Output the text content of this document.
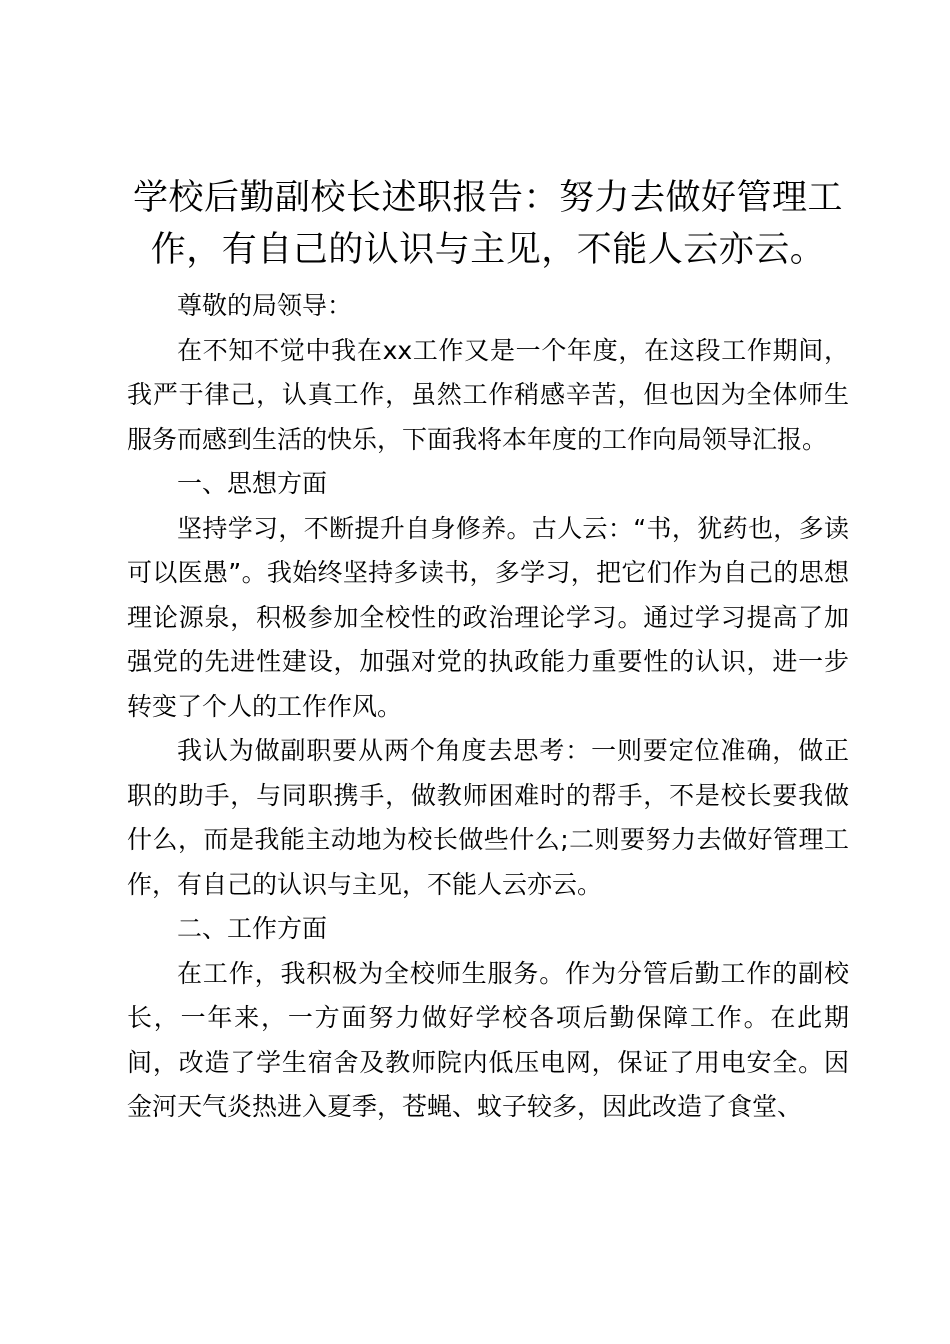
学校后勤副校长述职报告：努力去做好管理工作，有自己的认识与主见，不能人云亦云。

尊敬的局领导：

在不知不觉中我在xx工作又是一个年度，在这段工作期间，我严于律己，认真工作，虽然工作稍感辛苦，但也因为全体师生服务而感到生活的快乐，下面我将本年度的工作向局领导汇报。

一、思想方面

坚持学习，不断提升自身修养。古人云：“书，犹药也，多读可以医愚”。我始终坚持多读书，多学习，把它们作为自己的思想理论源泉，积极参加全校性的政治理论学习。通过学习提高了加强党的先进性建设，加强对党的执政能力重要性的认识，进一步转变了个人的工作作风。

我认为做副职要从两个角度去思考：一则要定位准确，做正职的助手，与同职携手，做教师困难时的帮手，不是校长要我做什么，而是我能主动地为校长做些什么;二则要努力去做好管理工作，有自己的认识与主见，不能人云亦云。

二、工作方面

在工作，我积极为全校师生服务。作为分管后勤工作的副校长，一年来，一方面努力做好学校各项后勤保障工作。在此期间，改造了学生宿舍及教师院内低压电网，保证了用电安全。因金河天气炎热进入夏季，苍蝇、蚊子较多，因此改造了食堂、
